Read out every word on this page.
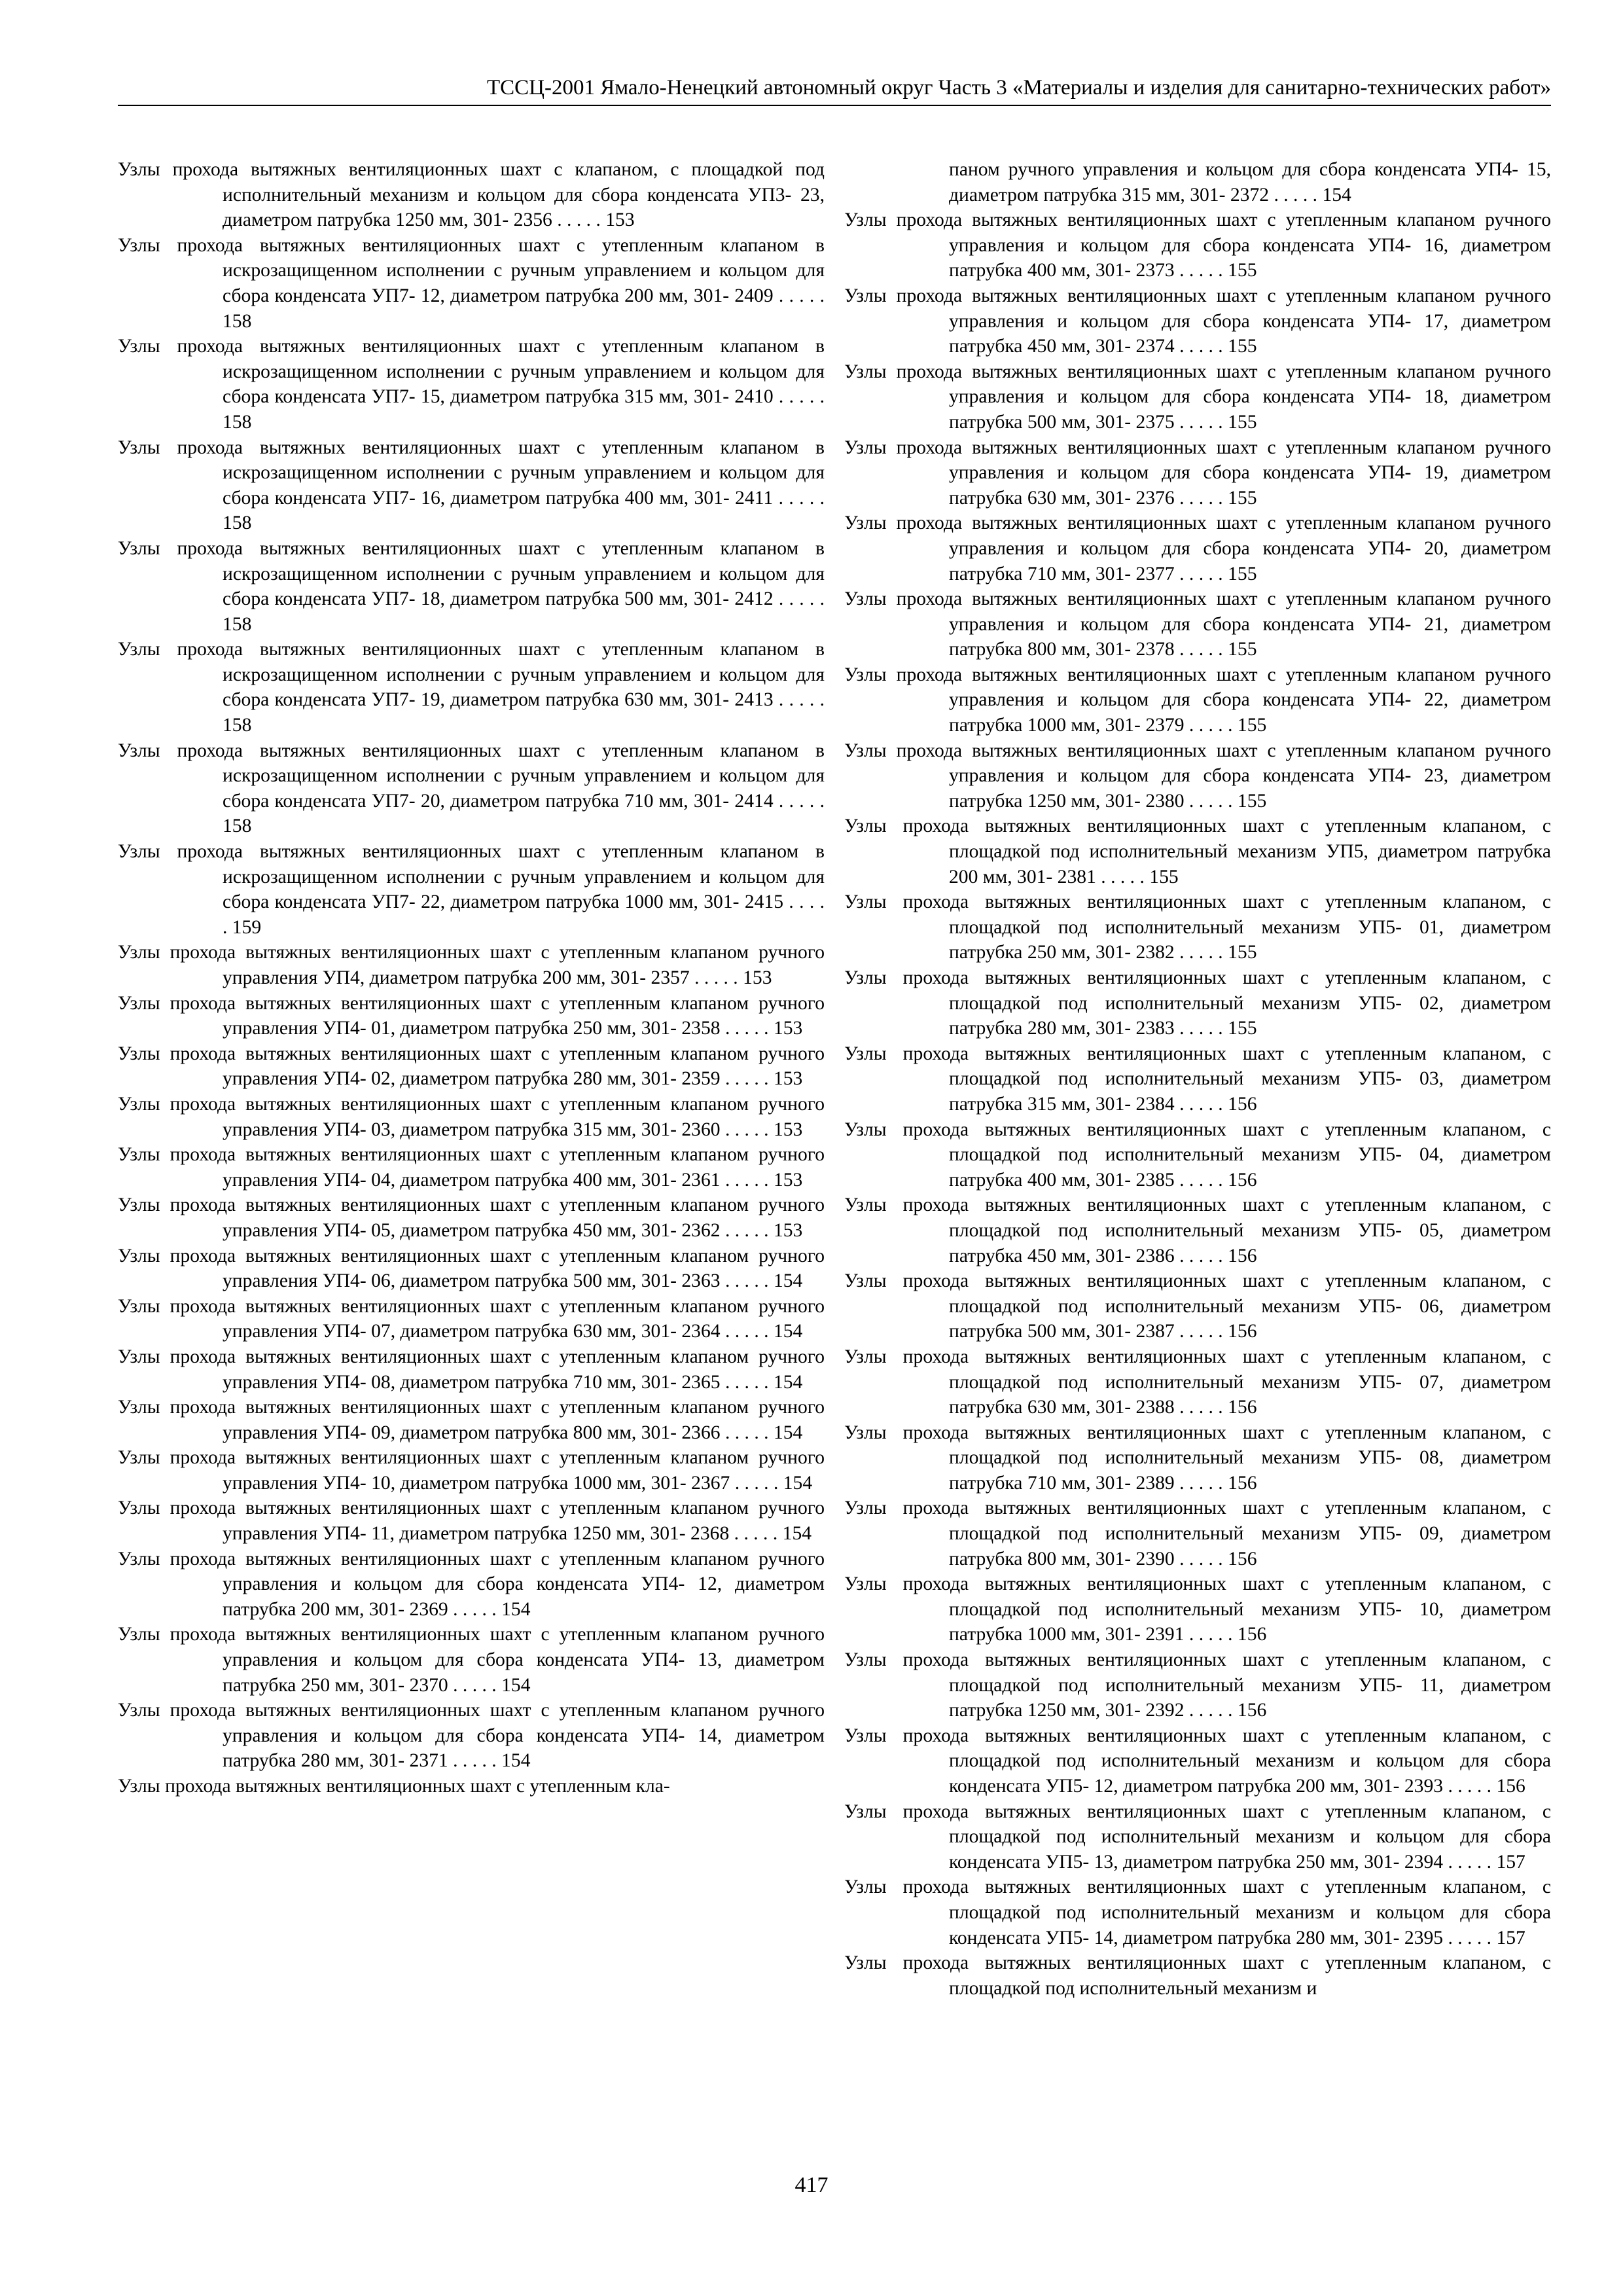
ТССЦ-2001 Ямало-Ненецкий автономный округ Часть 3 «Материалы и изделия для санитарно-технических работ»

Узлы прохода вытяжных вентиляционных шахт с клапаном, с площадкой под исполнительный механизм и кольцом для сбора конденсата УП3- 23, диаметром патрубка 1250 мм, 301- 2356 . . . . . 153

Узлы прохода вытяжных вентиляционных шахт с утепленным клапаном в искрозащищенном исполнении с ручным управлением и кольцом для сбора конденсата УП7- 12, диаметром патрубка 200 мм, 301- 2409 . . . . . 158

Узлы прохода вытяжных вентиляционных шахт с утепленным клапаном в искрозащищенном исполнении с ручным управлением и кольцом для сбора конденсата УП7- 15, диаметром патрубка 315 мм, 301- 2410 . . . . . 158

Узлы прохода вытяжных вентиляционных шахт с утепленным клапаном в искрозащищенном исполнении с ручным управлением и кольцом для сбора конденсата УП7- 16, диаметром патрубка 400 мм, 301- 2411 . . . . . 158

Узлы прохода вытяжных вентиляционных шахт с утепленным клапаном в искрозащищенном исполнении с ручным управлением и кольцом для сбора конденсата УП7- 18, диаметром патрубка 500 мм, 301- 2412 . . . . . 158

Узлы прохода вытяжных вентиляционных шахт с утепленным клапаном в искрозащищенном исполнении с ручным управлением и кольцом для сбора конденсата УП7- 19, диаметром патрубка 630 мм, 301- 2413 . . . . . 158

Узлы прохода вытяжных вентиляционных шахт с утепленным клапаном в искрозащищенном исполнении с ручным управлением и кольцом для сбора конденсата УП7- 20, диаметром патрубка 710 мм, 301- 2414 . . . . . 158

Узлы прохода вытяжных вентиляционных шахт с утепленным клапаном в искрозащищенном исполнении с ручным управлением и кольцом для сбора конденсата УП7- 22, диаметром патрубка 1000 мм, 301- 2415 . . . . . 159

Узлы прохода вытяжных вентиляционных шахт с утепленным клапаном ручного управления УП4, диаметром патрубка 200 мм, 301- 2357 . . . . . 153

Узлы прохода вытяжных вентиляционных шахт с утепленным клапаном ручного управления УП4- 01, диаметром патрубка 250 мм, 301- 2358 . . . . . 153

Узлы прохода вытяжных вентиляционных шахт с утепленным клапаном ручного управления УП4- 02, диаметром патрубка 280 мм, 301- 2359 . . . . . 153

Узлы прохода вытяжных вентиляционных шахт с утепленным клапаном ручного управления УП4- 03, диаметром патрубка 315 мм, 301- 2360 . . . . . 153

Узлы прохода вытяжных вентиляционных шахт с утепленным клапаном ручного управления УП4- 04, диаметром патрубка 400 мм, 301- 2361 . . . . . 153

Узлы прохода вытяжных вентиляционных шахт с утепленным клапаном ручного управления УП4- 05, диаметром патрубка 450 мм, 301- 2362 . . . . . 153

Узлы прохода вытяжных вентиляционных шахт с утепленным клапаном ручного управления УП4- 06, диаметром патрубка 500 мм, 301- 2363 . . . . . 154

Узлы прохода вытяжных вентиляционных шахт с утепленным клапаном ручного управления УП4- 07, диаметром патрубка 630 мм, 301- 2364 . . . . . 154

Узлы прохода вытяжных вентиляционных шахт с утепленным клапаном ручного управления УП4- 08, диаметром патрубка 710 мм, 301- 2365 . . . . . 154

Узлы прохода вытяжных вентиляционных шахт с утепленным клапаном ручного управления УП4- 09, диаметром патрубка 800 мм, 301- 2366 . . . . . 154

Узлы прохода вытяжных вентиляционных шахт с утепленным клапаном ручного управления УП4- 10, диаметром патрубка 1000 мм, 301- 2367 . . . . . 154

Узлы прохода вытяжных вентиляционных шахт с утепленным клапаном ручного управления УП4- 11, диаметром патрубка 1250 мм, 301- 2368 . . . . . 154

Узлы прохода вытяжных вентиляционных шахт с утепленным клапаном ручного управления и кольцом для сбора конденсата УП4- 12, диаметром патрубка 200 мм, 301- 2369 . . . . . 154

Узлы прохода вытяжных вентиляционных шахт с утепленным клапаном ручного управления и кольцом для сбора конденсата УП4- 13, диаметром патрубка 250 мм, 301- 2370 . . . . . 154

Узлы прохода вытяжных вентиляционных шахт с утепленным клапаном ручного управления и кольцом для сбора конденсата УП4- 14, диаметром патрубка 280 мм, 301- 2371 . . . . . 154

Узлы прохода вытяжных вентиляционных шахт с утепленным кла-

паном ручного управления и кольцом для сбора конденсата УП4- 15, диаметром патрубка 315 мм, 301- 2372 . . . . . 154

Узлы прохода вытяжных вентиляционных шахт с утепленным клапаном ручного управления и кольцом для сбора конденсата УП4- 16, диаметром патрубка 400 мм, 301- 2373 . . . . . 155

Узлы прохода вытяжных вентиляционных шахт с утепленным клапаном ручного управления и кольцом для сбора конденсата УП4- 17, диаметром патрубка 450 мм, 301- 2374 . . . . . 155

Узлы прохода вытяжных вентиляционных шахт с утепленным клапаном ручного управления и кольцом для сбора конденсата УП4- 18, диаметром патрубка 500 мм, 301- 2375 . . . . . 155

Узлы прохода вытяжных вентиляционных шахт с утепленным клапаном ручного управления и кольцом для сбора конденсата УП4- 19, диаметром патрубка 630 мм, 301- 2376 . . . . . 155

Узлы прохода вытяжных вентиляционных шахт с утепленным клапаном ручного управления и кольцом для сбора конденсата УП4- 20, диаметром патрубка 710 мм, 301- 2377 . . . . . 155

Узлы прохода вытяжных вентиляционных шахт с утепленным клапаном ручного управления и кольцом для сбора конденсата УП4- 21, диаметром патрубка 800 мм, 301- 2378 . . . . . 155

Узлы прохода вытяжных вентиляционных шахт с утепленным клапаном ручного управления и кольцом для сбора конденсата УП4- 22, диаметром патрубка 1000 мм, 301- 2379 . . . . . 155

Узлы прохода вытяжных вентиляционных шахт с утепленным клапаном ручного управления и кольцом для сбора конденсата УП4- 23, диаметром патрубка 1250 мм, 301- 2380 . . . . . 155

Узлы прохода вытяжных вентиляционных шахт с утепленным клапаном, с площадкой под исполнительный механизм УП5, диаметром патрубка 200 мм, 301- 2381 . . . . . 155

Узлы прохода вытяжных вентиляционных шахт с утепленным клапаном, с площадкой под исполнительный механизм УП5- 01, диаметром патрубка 250 мм, 301- 2382 . . . . . 155

Узлы прохода вытяжных вентиляционных шахт с утепленным клапаном, с площадкой под исполнительный механизм УП5- 02, диаметром патрубка 280 мм, 301- 2383 . . . . . 155

Узлы прохода вытяжных вентиляционных шахт с утепленным клапаном, с площадкой под исполнительный механизм УП5- 03, диаметром патрубка 315 мм, 301- 2384 . . . . . 156

Узлы прохода вытяжных вентиляционных шахт с утепленным клапаном, с площадкой под исполнительный механизм УП5- 04, диаметром патрубка 400 мм, 301- 2385 . . . . . 156

Узлы прохода вытяжных вентиляционных шахт с утепленным клапаном, с площадкой под исполнительный механизм УП5- 05, диаметром патрубка 450 мм, 301- 2386 . . . . . 156

Узлы прохода вытяжных вентиляционных шахт с утепленным клапаном, с площадкой под исполнительный механизм УП5- 06, диаметром патрубка 500 мм, 301- 2387 . . . . . 156

Узлы прохода вытяжных вентиляционных шахт с утепленным клапаном, с площадкой под исполнительный механизм УП5- 07, диаметром патрубка 630 мм, 301- 2388 . . . . . 156

Узлы прохода вытяжных вентиляционных шахт с утепленным клапаном, с площадкой под исполнительный механизм УП5- 08, диаметром патрубка 710 мм, 301- 2389 . . . . . 156

Узлы прохода вытяжных вентиляционных шахт с утепленным клапаном, с площадкой под исполнительный механизм УП5- 09, диаметром патрубка 800 мм, 301- 2390 . . . . . 156

Узлы прохода вытяжных вентиляционных шахт с утепленным клапаном, с площадкой под исполнительный механизм УП5- 10, диаметром патрубка 1000 мм, 301- 2391 . . . . . 156

Узлы прохода вытяжных вентиляционных шахт с утепленным клапаном, с площадкой под исполнительный механизм УП5- 11, диаметром патрубка 1250 мм, 301- 2392 . . . . . 156

Узлы прохода вытяжных вентиляционных шахт с утепленным клапаном, с площадкой под исполнительный механизм и кольцом для сбора конденсата УП5- 12, диаметром патрубка 200 мм, 301- 2393 . . . . . 156

Узлы прохода вытяжных вентиляционных шахт с утепленным клапаном, с площадкой под исполнительный механизм и кольцом для сбора конденсата УП5- 13, диаметром патрубка 250 мм, 301- 2394 . . . . . 157

Узлы прохода вытяжных вентиляционных шахт с утепленным клапаном, с площадкой под исполнительный механизм и кольцом для сбора конденсата УП5- 14, диаметром патрубка 280 мм, 301- 2395 . . . . . 157

Узлы прохода вытяжных вентиляционных шахт с утепленным клапаном, с площадкой под исполнительный механизм и

417
